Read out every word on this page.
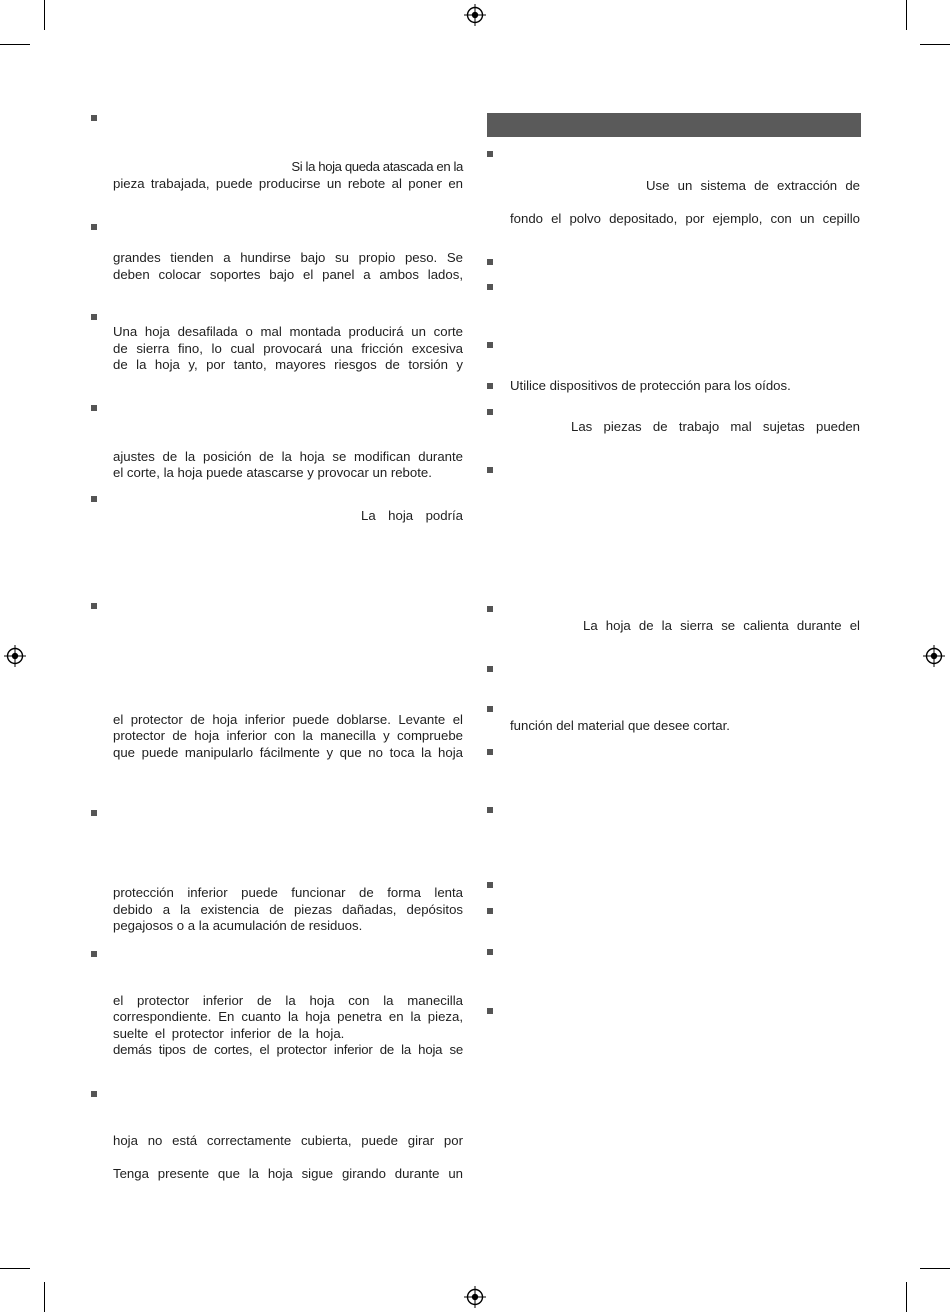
Si la hoja queda atascada en la
pieza trabajada, puede producirse un rebote al poner en
grandes tienden a hundirse bajo su propio peso. Se
deben colocar soportes bajo el panel a ambos lados,
Una hoja desafilada o mal montada producirá un corte
de sierra fino, lo cual provocará una fricción excesiva
de la hoja y, por tanto, mayores riesgos de torsión y
ajustes de la posición de la hoja se modifican durante
el corte, la hoja puede atascarse y provocar un rebote.
La hoja podría
el protector de hoja inferior puede doblarse. Levante el
protector de hoja inferior con la manecilla y compruebe
que puede manipularlo fácilmente y que no toca la hoja
protección inferior puede funcionar de forma lenta
debido a la existencia de piezas dañadas, depósitos
pegajosos o a la acumulación de residuos.
el protector inferior de la hoja con la manecilla
correspondiente. En cuanto la hoja penetra en la pieza,
suelte el protector inferior de la hoja.
demás tipos de cortes, el protector inferior de la hoja se
hoja no está correctamente cubierta, puede girar por
Tenga presente que la hoja sigue girando durante un
Use un sistema de extracción de
fondo el polvo depositado, por ejemplo, con un cepillo
Utilice dispositivos de protección para los oídos.
Las piezas de trabajo mal sujetas pueden
La hoja de la sierra se calienta durante el
función del material que desee cortar.
